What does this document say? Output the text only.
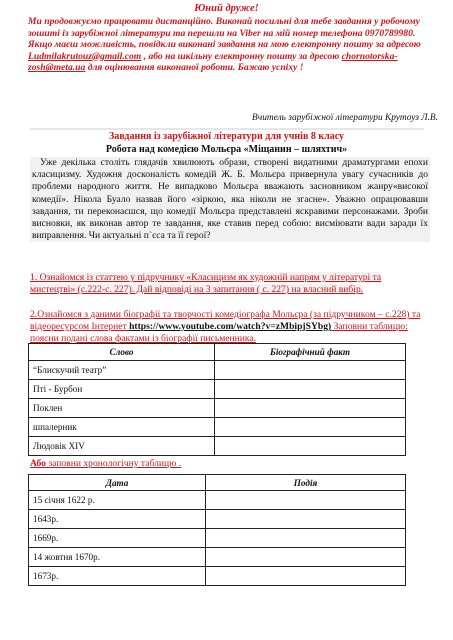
Юний друже!
Ми продовжуємо працювати дистанційно. Виконай посильні для тебе завдання у робочому зошиті із зарубіжної літератури та перешли на Viber на мій номер телефона 0970789980. Якщо маєш можливість, повідкли виконані завдання на мою електронну пошту за адресою Ludmilakrutouz@gmail.com , або на шкільну електронну пошту за дресою chornotorska-zosh@meta.ua для оцінювання виконаної роботи. Бажаю успіху !
Вчитель зарубіжної літератури Крутоуз Л.В.
Завдання із зарубіжної літератури для учнів 8 класу
Робота над комедією Мольєра «Міщанин – шляхтич»

Уже декілька століть глядачів хвилюють образи, створені видатними драматургами епохи класицизму. Художня досконалість комедій Ж. Б. Мольєра привернула увагу сучасників до проблеми народного життя. Не випадково Мольєра вважають засновником жанру«високої комедії». Нікола Буало назвав його «зіркою, яка ніколи не згасне». Уважно опрацювавши завдання, ти переконаєшся, що комедії Мольєра представлені яскравими персонажами. Зроби висновки, як виконав автор те завдання, яке ставив перед собою: висміювати вади заради їх виправлення. Чи актуальні п`єса та її герої?

1. Ознайомся із статтею у підручнику «Класицизм як художній напрям у літературі та мистецтві» (с.222-с. 227). Дай відповіді на 3 запитання ( с. 227) на власний вибір.
2.Ознайомся з даними біографії та творчості комедіографа Мольєра (за підручником – с.228) та відеоресурсом Інтернет https://www.youtube.com/watch?v=zMbipjSYbg) Заповни таблицю: поясни подані слова фактами із біографії письменника.
Слово	Біографічний факт
“Блискучий театр”	
Пті - Бурбон	
Поклен	
шпалерник	
Людовік XIV	
Або заповни хронологічну таблицю .
Дата	Подія
15 січня 1622 р.	
1643р.	
1669р.	
14 жовтня 1670р.	
1673р.	
